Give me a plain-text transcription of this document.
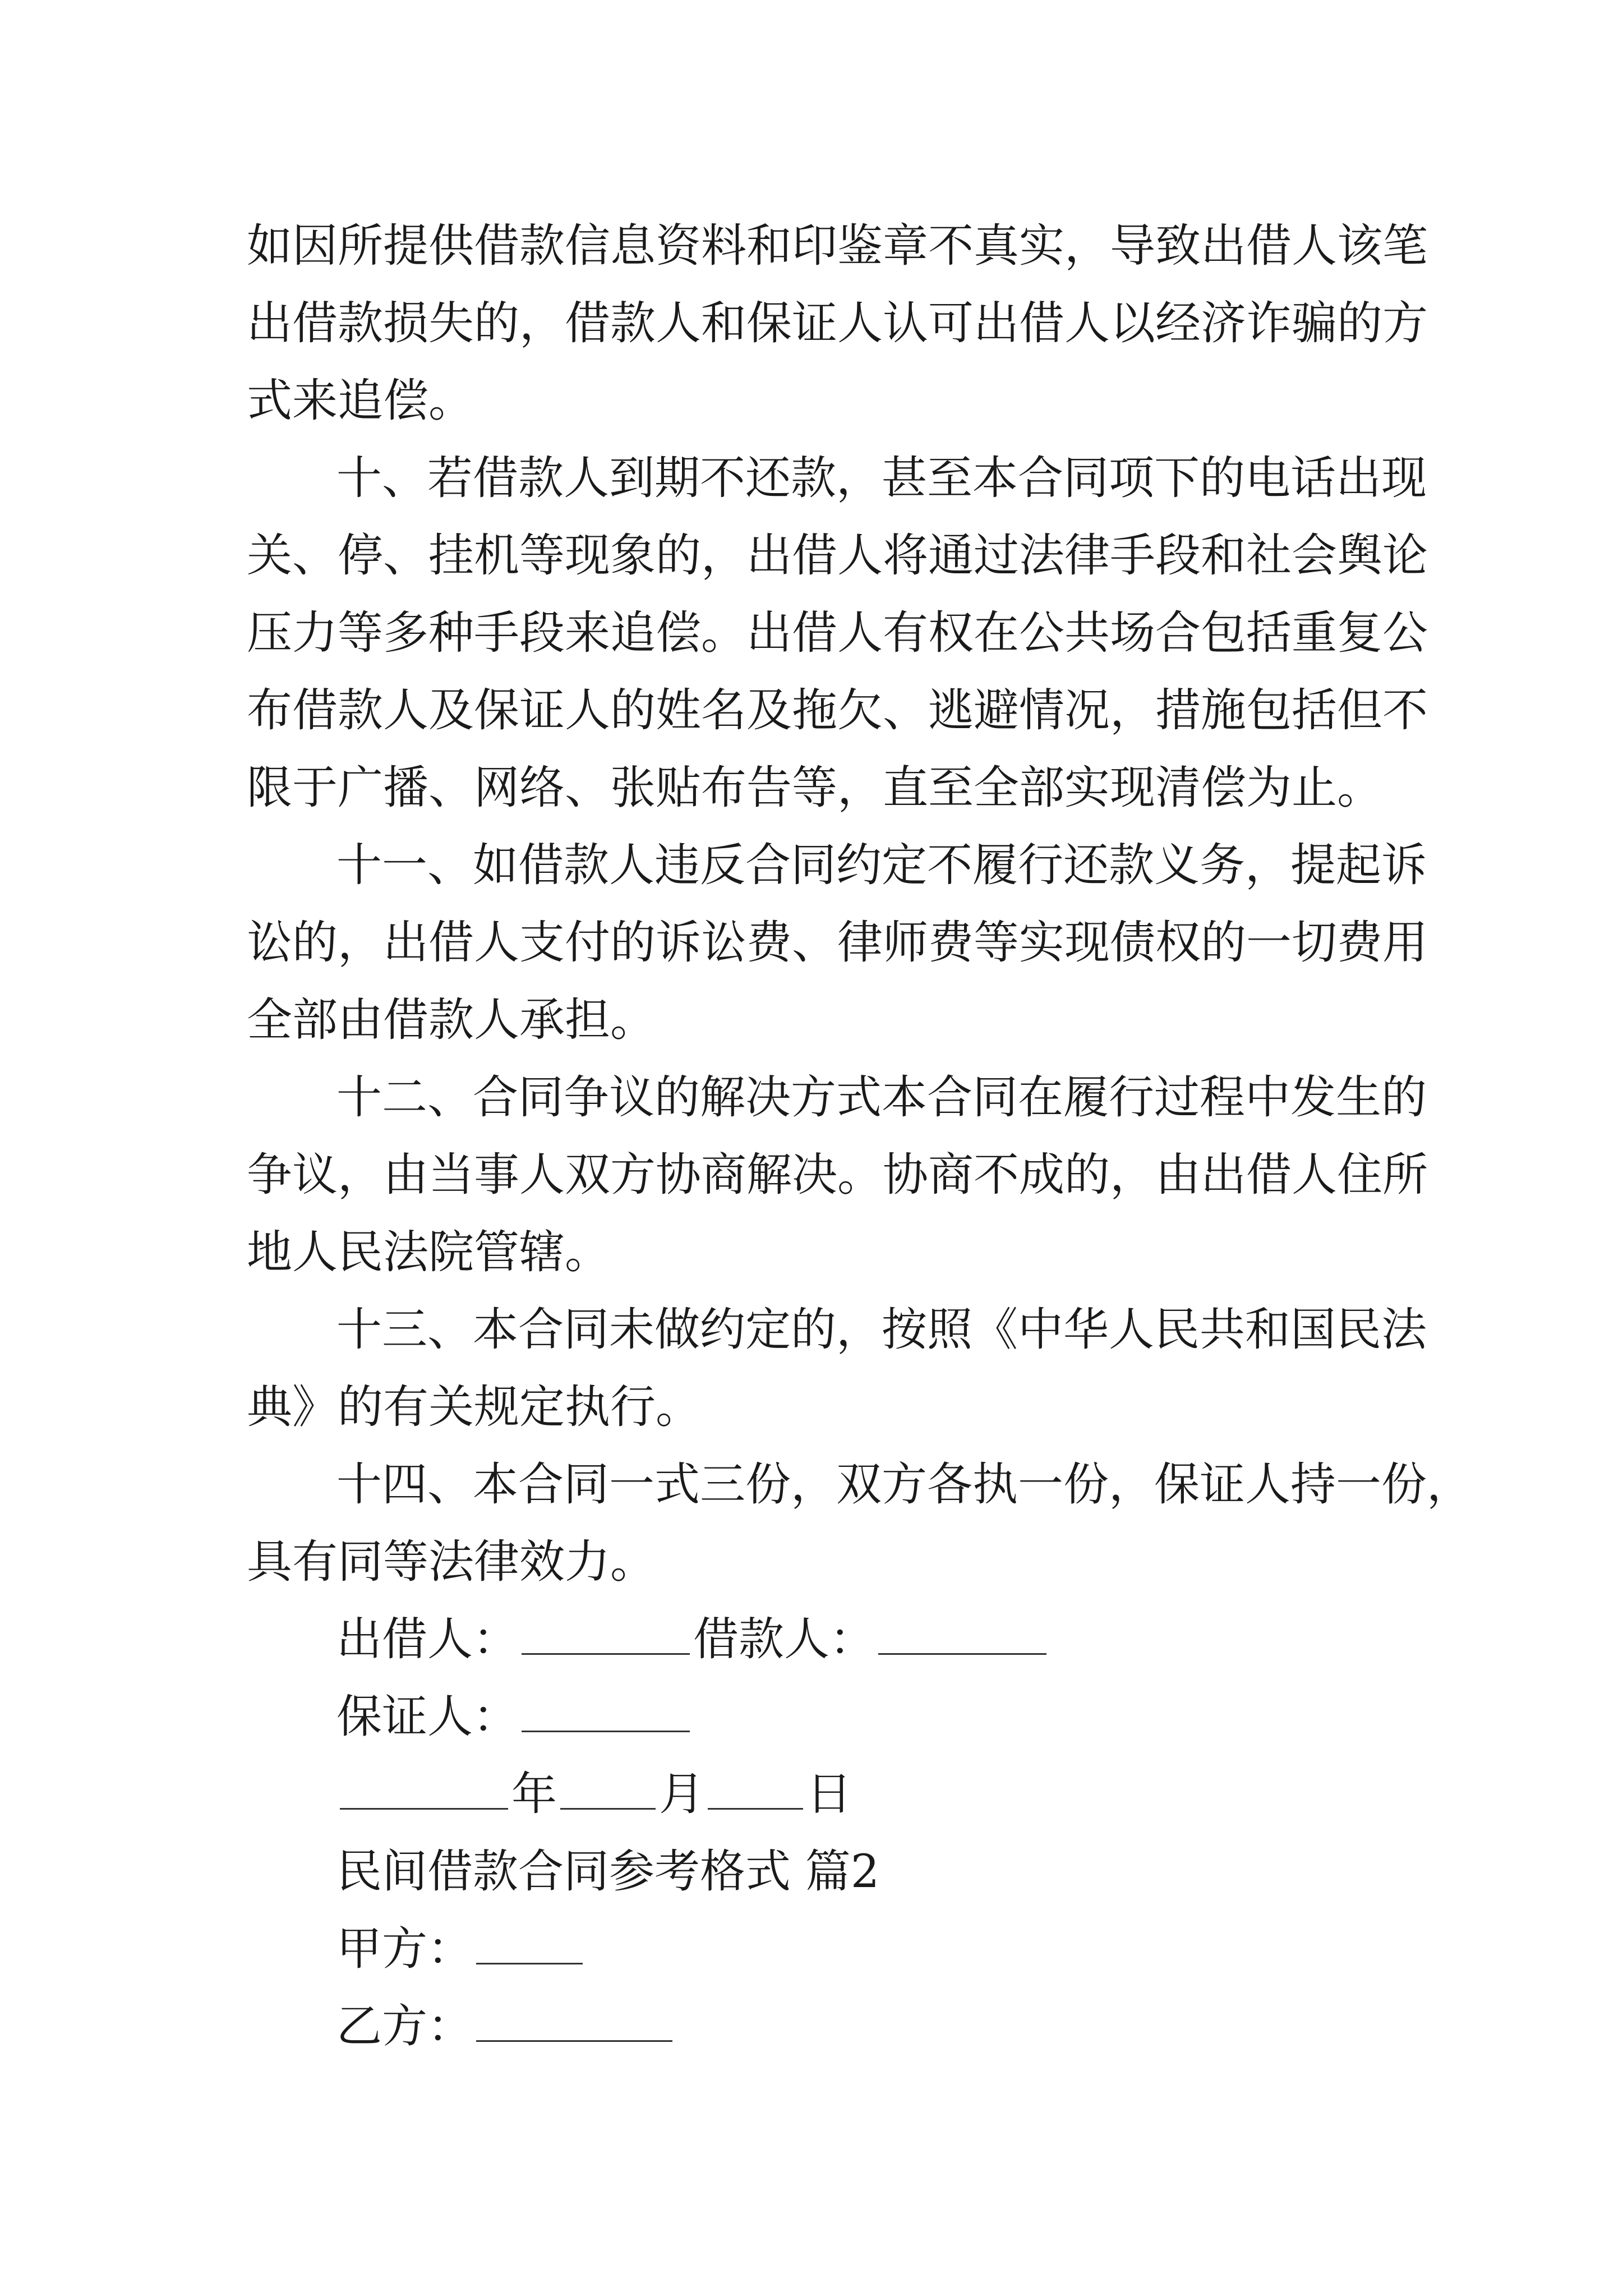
如因所提供借款信息资料和印鉴章不真实，导致出借人该笔
出借款损失的，借款人和保证人认可出借人以经济诈骗的方
式来追偿。
十、若借款人到期不还款，甚至本合同项下的电话出现
关、停、挂机等现象的，出借人将通过法律手段和社会舆论
压力等多种手段来追偿。出借人有权在公共场合包括重复公
布借款人及保证人的姓名及拖欠、逃避情况，措施包括但不
限于广播、网络、张贴布告等，直至全部实现清偿为止。
十一、如借款人违反合同约定不履行还款义务，提起诉
讼的，出借人支付的诉讼费、律师费等实现债权的一切费用
全部由借款人承担。
十二、合同争议的解决方式本合同在履行过程中发生的
争议，由当事人双方协商解决。协商不成的，由出借人住所
地人民法院管辖。
十三、本合同未做约定的，按照《中华人民共和国民法
典》的有关规定执行。
十四、本合同一式三份，双方各执一份，保证人持一份，
具有同等法律效力。
出借人：	借款人：
保证人：
年 月 日
民间借款合同参考格式 篇2
甲方：
乙方：
